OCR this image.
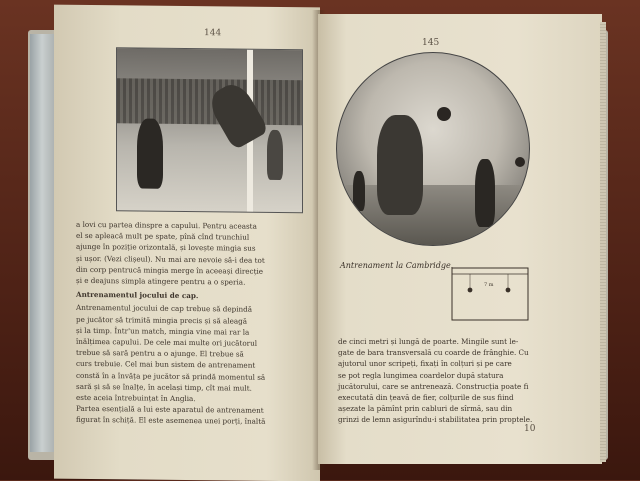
144

a lovi cu partea dinspre a capului. Pentru aceasta

el se apleacă mult pe spate, pînă cînd trunchiul

ajunge în poziție orizontală, și lovește mingia sus

și ușor. (Vezi clișeul). Nu mai are nevoie să-i dea tot

din corp pentrucă mingia merge în aceeași direcție

și e deajuns simpla atingere pentru a o speria.

Antrenamentul jocului de cap.

Antrenamentul jocului de cap trebue să depindă

pe jucător să trimită mingia precis și să aleagă

și la timp. Într'un match, mingia vine mai rar la

înălțimea capului. De cele mai multe ori jucătorul

trebue să sară pentru a o ajunge. El trebue să

curs trebuie. Cel mai bun sistem de antrenament

constă în a învăța pe jucător să prindă momentul să

sară și să se înalțe, în același timp, cît mai mult.

este aceia întrebuințat în Anglia.

Partea esențială a lui este aparatul de antrenament

figurat în schiță. El este asemenea unei porți, înaltă

145
Antrenament la Cambridge.
7 m

de cinci metri și lungă de poarte. Mingile sunt le-

gate de bara transversală cu coarde de frânghie. Cu

ajutorul unor scripeți, fixați în colțuri și pe care

se pot regla lungimea coardelor după statura

jucătorului, care se antrenează. Construcția poate fi

executată din țeavă de fier, colțurile de sus fiind

așezate la pămînt prin cabluri de sîrmă, sau din

grinzi de lemn asigurîndu-i stabilitatea prin proptele.

10
